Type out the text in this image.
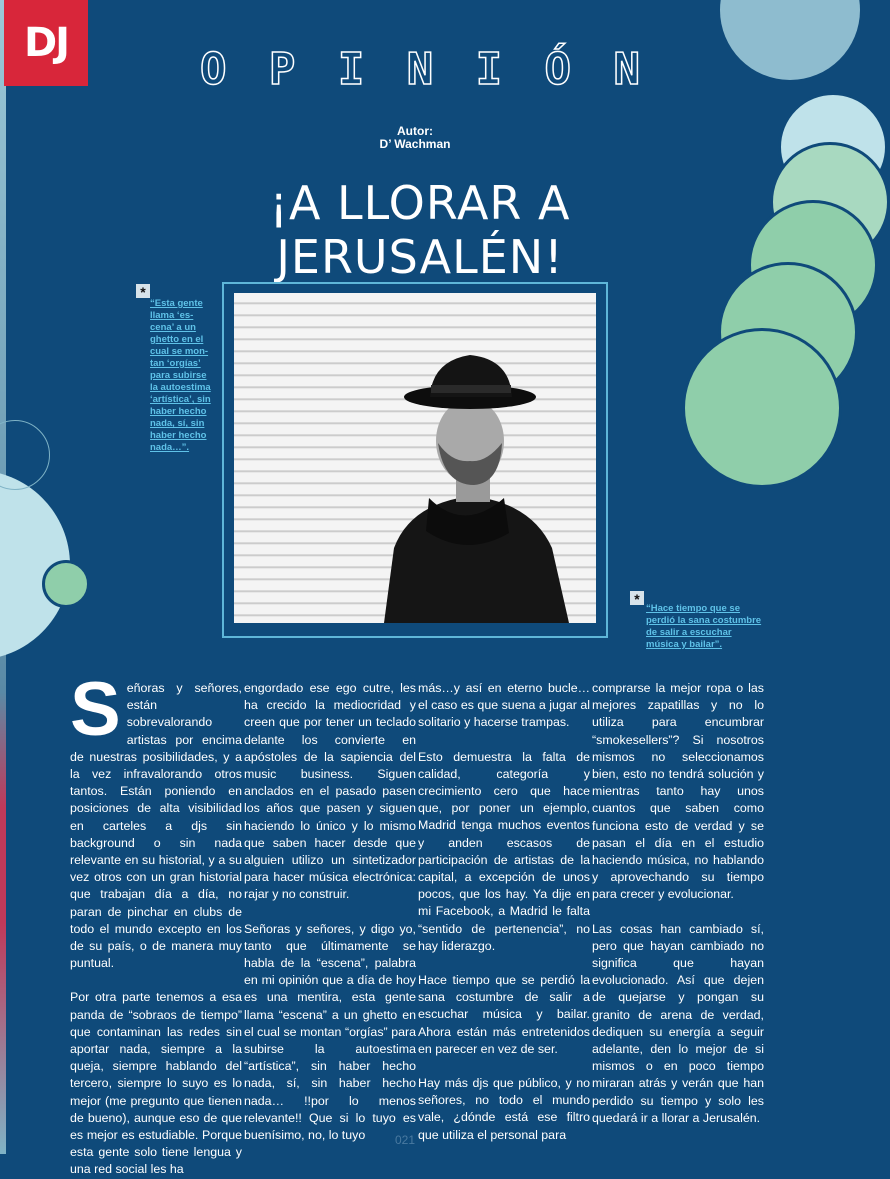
DJ
O P I N I Ó N
Autor:
D’ Wachman
¡A LLORAR A JERUSALÉN!
*
“Esta gente llama ‘es- cena’ a un ghetto en el cual se mon- tan ‘orgías’ para subirse la autoestima ‘artística’, sin haber hecho nada, sí, sin haber hecho nada…”.
*
“Hace tiempo que se perdió la sana costumbre de salir a escuchar música y bailar”.

Señoras y señores, están sobrevalorando artistas por encima de nuestras posibilidades, y a la vez infravalorando otros tantos. Están poniendo en posiciones de alta visibilidad en carteles a djs sin background o sin nada relevante en su historial, y a su vez otros con un gran historial que trabajan día a día, no paran de pinchar en clubs de todo el mundo excepto en los de su país, o de manera muy puntual.

Por otra parte tenemos a esa panda de “sobraos de tiempo” que contaminan las redes sin aportar nada, siempre a la queja, siempre hablando del tercero, siempre lo suyo es lo mejor (me pregunto que tienen de bueno), aunque eso de que es mejor es estudiable. Porque esta gente solo tiene lengua y una red social les ha

engordado ese ego cutre, les ha crecido la mediocridad y creen que por tener un teclado delante los convierte en apóstoles de la sapiencia del music business. Siguen anclados en el pasado pasen los años que pasen y siguen haciendo lo único y lo mismo que saben hacer desde que alguien utilizo un sintetizador para hacer música electrónica: rajar y no construir.

Señoras y señores, y digo yo, tanto que últimamente se habla de la “escena”, palabra en mi opinión que a día de hoy es una mentira, esta gente llama “escena” a un ghetto en el cual se montan “orgías” para subirse la autoestima “artística”, sin haber hecho nada, sí, sin haber hecho nada… !!por lo menos relevante!! Que si lo tuyo es buenísimo, no, lo tuyo

más…y así en eterno bucle… el caso es que suena a jugar al solitario y hacerse trampas.

Esto demuestra la falta de calidad, categoría y crecimiento cero que hace que, por poner un ejemplo, Madrid tenga muchos eventos y anden escasos de participación de artistas de la capital, a excepción de unos pocos, que los hay. Ya dije en mi Facebook, a Madrid le falta “sentido de pertenencia”, no hay liderazgo.

Hace tiempo que se perdió la sana costumbre de salir a escuchar música y bailar. Ahora están más entretenidos en parecer en vez de ser.

Hay más djs que público, y no señores, no todo el mundo vale, ¿dónde está ese filtro que utiliza el personal para

comprarse la mejor ropa o las mejores zapatillas y no lo utiliza para encumbrar “smokesellers”? Si nosotros mismos no seleccionamos bien, esto no tendrá solución y mientras tanto hay unos cuantos que saben como funciona esto de verdad y se pasan el día en el estudio haciendo música, no hablando y aprovechando su tiempo para crecer y evolucionar.

Las cosas han cambiado sí, pero que hayan cambiado no significa que hayan evolucionado. Así que dejen de quejarse y pongan su granito de arena de verdad, dediquen su energía a seguir adelante, den lo mejor de si mismos o en poco tiempo miraran atrás y verán que han perdido su tiempo y solo les quedará ir a llorar a Jerusalén.

021
